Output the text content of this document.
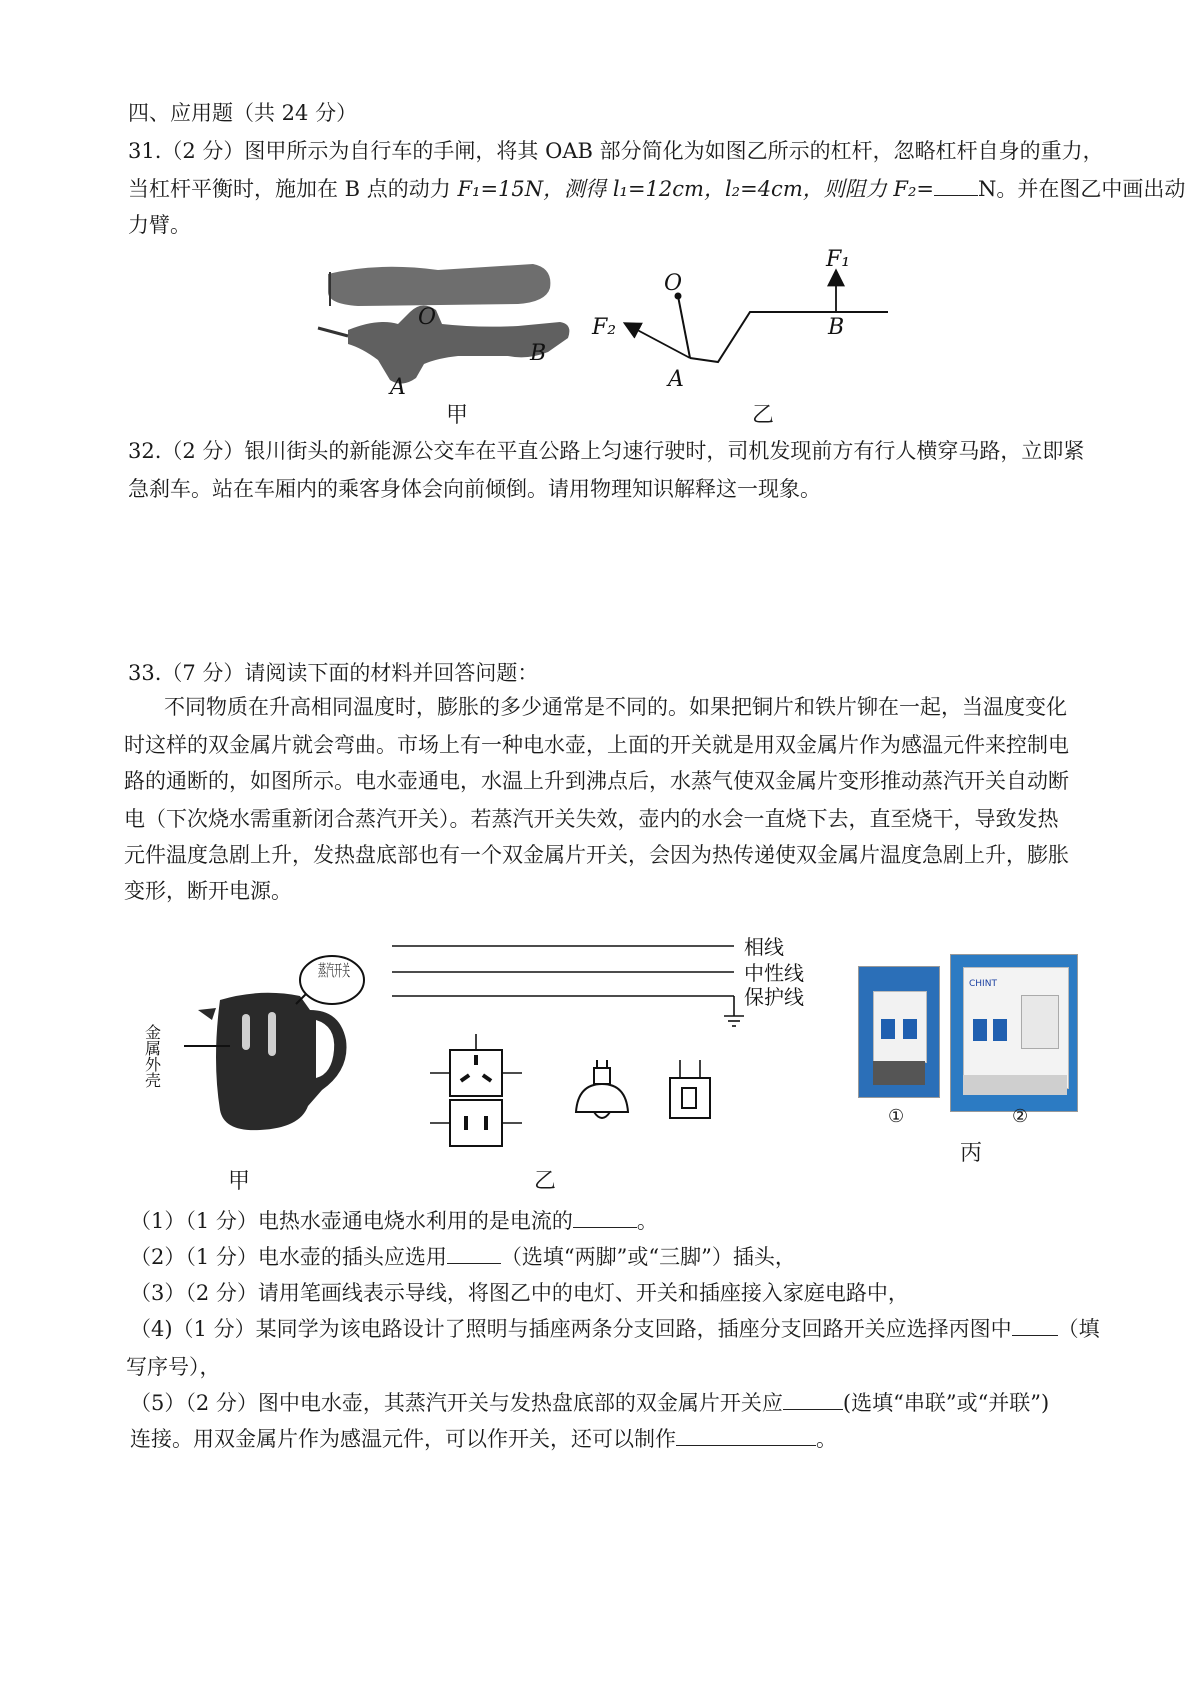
四、应用题（共 24 分）
31.（2 分）图甲所示为自行车的手闸，将其 OAB 部分简化为如图乙所示的杠杆，忽略杠杆自身的重力，
当杠杆平衡时，施加在 B 点的动力 F₁=15N，测得 l₁=12cm，l₂=4cm，则阻力 F₂= N。并在图乙中画出动
力臂。
O
B
A
甲
O
A
B
F₁
F₂
乙
32.（2 分）银川街头的新能源公交车在平直公路上匀速行驶时，司机发现前方有行人横穿马路，立即紧
急刹车。站在车厢内的乘客身体会向前倾倒。请用物理知识解释这一现象。
33.（7 分）请阅读下面的材料并回答问题：
不同物质在升高相同温度时，膨胀的多少通常是不同的。如果把铜片和铁片铆在一起，当温度变化
时这样的双金属片就会弯曲。市场上有一种电水壶，上面的开关就是用双金属片作为感温元件来控制电
路的通断的，如图所示。电水壶通电，水温上升到沸点后，水蒸气使双金属片变形推动蒸汽开关自动断
电（下次烧水需重新闭合蒸汽开关）。若蒸汽开关失效，壶内的水会一直烧下去，直至烧干，导致发热
元件温度急剧上升，发热盘底部也有一个双金属片开关，会因为热传递使双金属片温度急剧上升，膨胀
变形，断开电源。
蒸汽开关
金属外壳
甲
相线
中性线
保护线
乙
CHINT
①	②
丙
（1）（1 分）电热水壶通电烧水利用的是电流的	。
（2）（1 分）电水壶的插头应选用	（选填“两脚”或“三脚”）插头，
（3）（2 分）请用笔画线表示导线，将图乙中的电灯、开关和插座接入家庭电路中，
（4)（1 分）某同学为该电路设计了照明与插座两条分支回路，插座分支回路开关应选择丙图中 （填
写序号），
（5）（2 分）图中电水壶，其蒸汽开关与发热盘底部的双金属片开关应	(选填“串联”或“并联”)
连接。用双金属片作为感温元件，可以作开关，还可以制作	。
